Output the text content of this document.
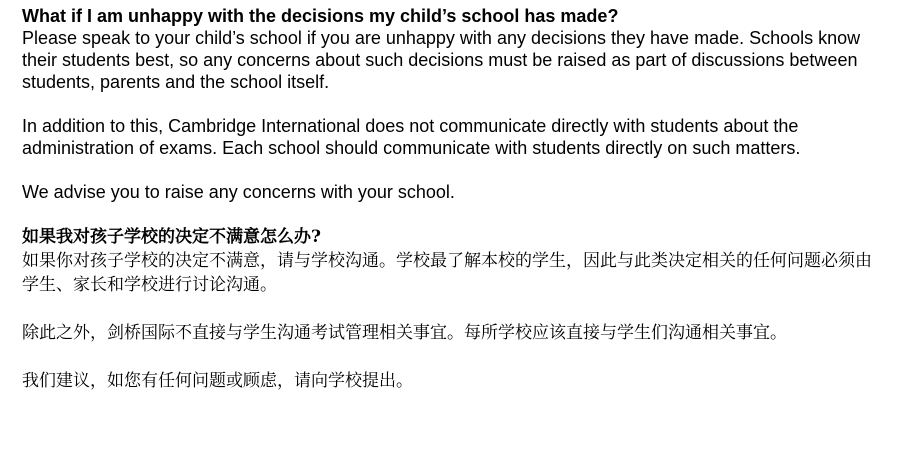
What if I am unhappy with the decisions my child’s school has made?

Please speak to your child’s school if you are unhappy with any decisions they have made. Schools know their students best, so any concerns about such decisions must be raised as part of discussions between students, parents and the school itself.

In addition to this, Cambridge International does not communicate directly with students about the administration of exams. Each school should communicate with students directly on such matters.

We advise you to raise any concerns with your school.

如果我对孩子学校的决定不满意怎么办?

如果你对孩子学校的决定不满意，请与学校沟通。学校最了解本校的学生，因此与此类决定相关的任何问题必须由学生、家长和学校进行讨论沟通。

除此之外，剑桥国际不直接与学生沟通考试管理相关事宜。每所学校应该直接与学生们沟通相关事宜。

我们建议，如您有任何问题或顾虑，请向学校提出。
